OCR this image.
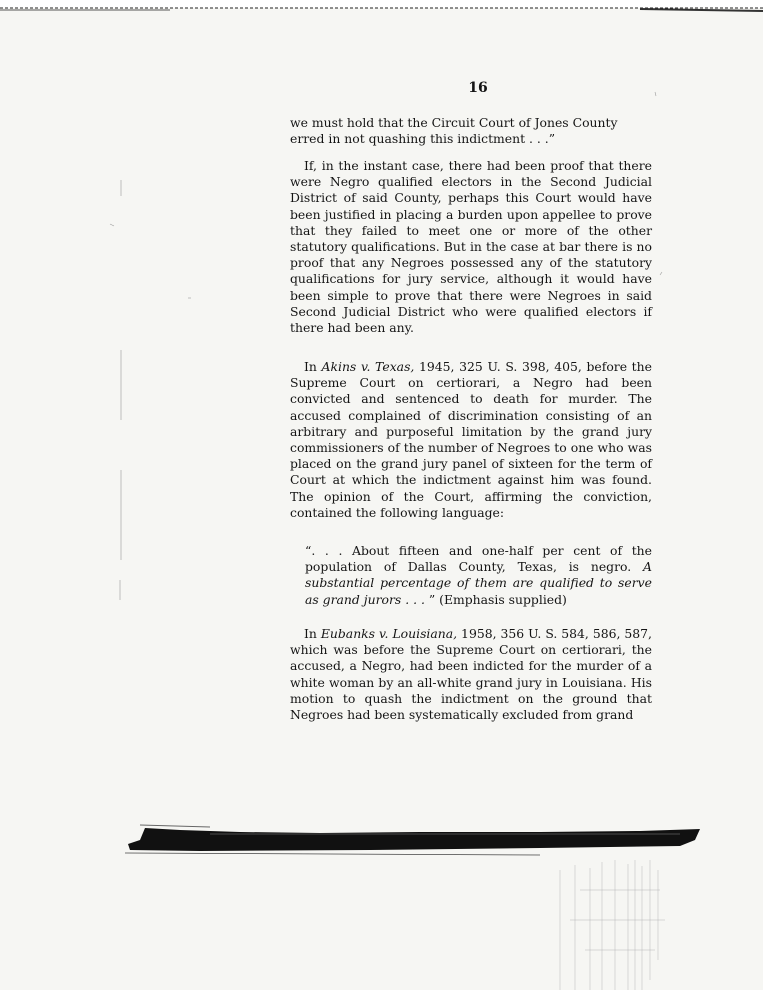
16

we must hold that the Circuit Court of Jones County

erred in not quashing this indictment . . .”

If, in the instant case, there had been proof that there were Negro qualified electors in the Second Judicial District of said County, perhaps this Court would have been justified in placing a burden upon appellee to prove that they failed to meet one or more of the other statutory qualifications. But in the case at bar there is no proof that any Negroes possessed any of the statutory qualifications for jury service, although it would have been simple to prove that there were Negroes in said Second Judicial District who were qualified electors if there had been any.

In Akins v. Texas, 1945, 325 U. S. 398, 405, before the Supreme Court on certiorari, a Negro had been convicted and sentenced to death for murder. The accused complained of discrimination consisting of an arbitrary and purposeful limitation by the grand jury commissioners of the number of Negroes to one who was placed on the grand jury panel of sixteen for the term of Court at which the indictment against him was found. The opinion of the Court, affirming the conviction, contained the following language:

“. . . About fifteen and one-half per cent of the population of Dallas County, Texas, is negro. A substantial percentage of them are qualified to serve as grand jurors . . . ” (Emphasis supplied)

In Eubanks v. Louisiana, 1958, 356 U. S. 584, 586, 587, which was before the Supreme Court on certiorari, the accused, a Negro, had been indicted for the murder of a white woman by an all-white grand jury in Louisiana. His motion to quash the indictment on the ground that Negroes had been systematically excluded from grand
